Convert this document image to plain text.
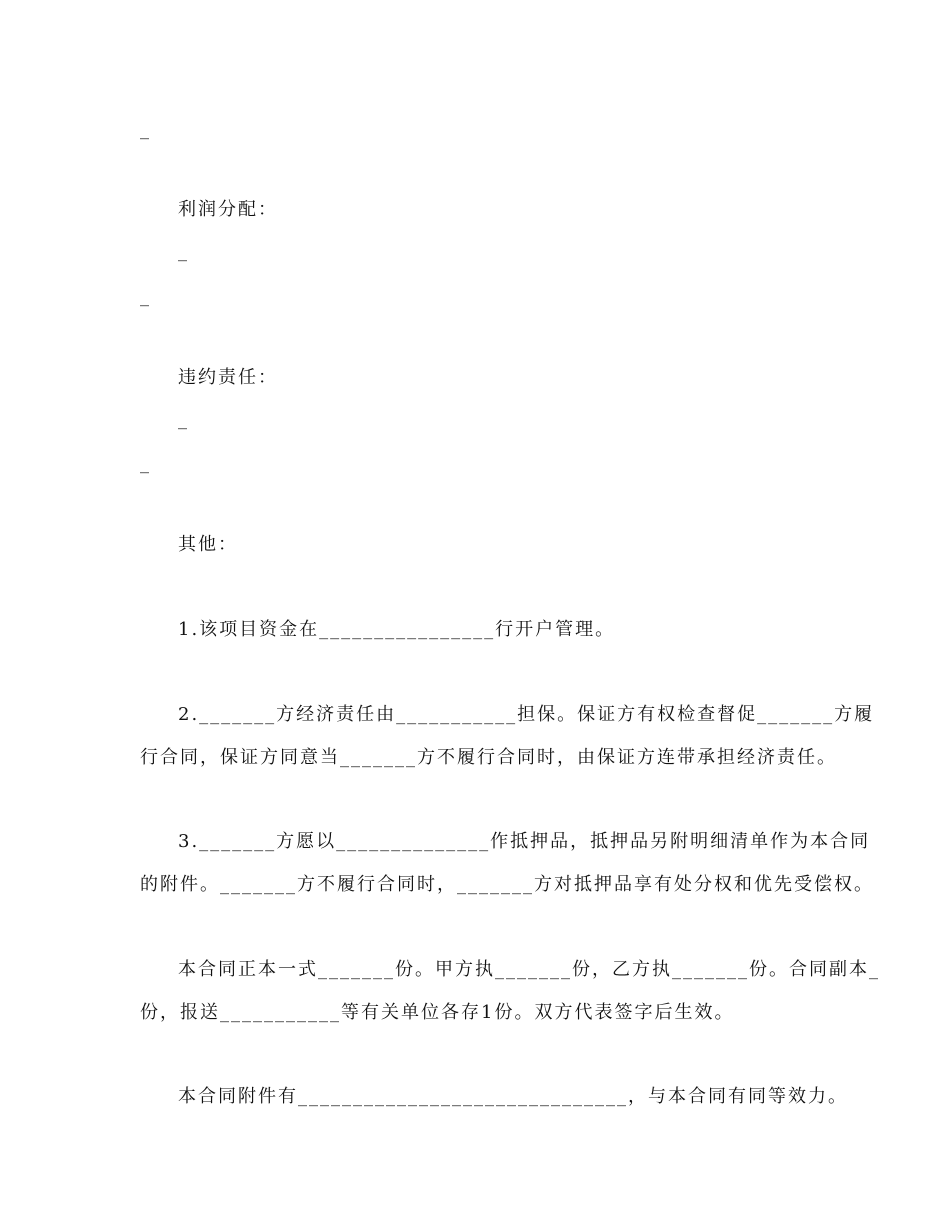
_
利润分配：
_
_
违约责任：
_
_
其他：
1.该项目资金在________________行开户管理。
2._______方经济责任由___________担保。保证方有权检查督促_______方履
行合同，保证方同意当_______方不履行合同时，由保证方连带承担经济责任。
3._______方愿以______________作抵押品，抵押品另附明细清单作为本合同
的附件。_______方不履行合同时，_______方对抵押品享有处分权和优先受偿权。
本合同正本一式_______份。甲方执_______份，乙方执_______份。合同副本_
份，报送___________等有关单位各存1份。双方代表签字后生效。
本合同附件有______________________________，与本合同有同等效力。
